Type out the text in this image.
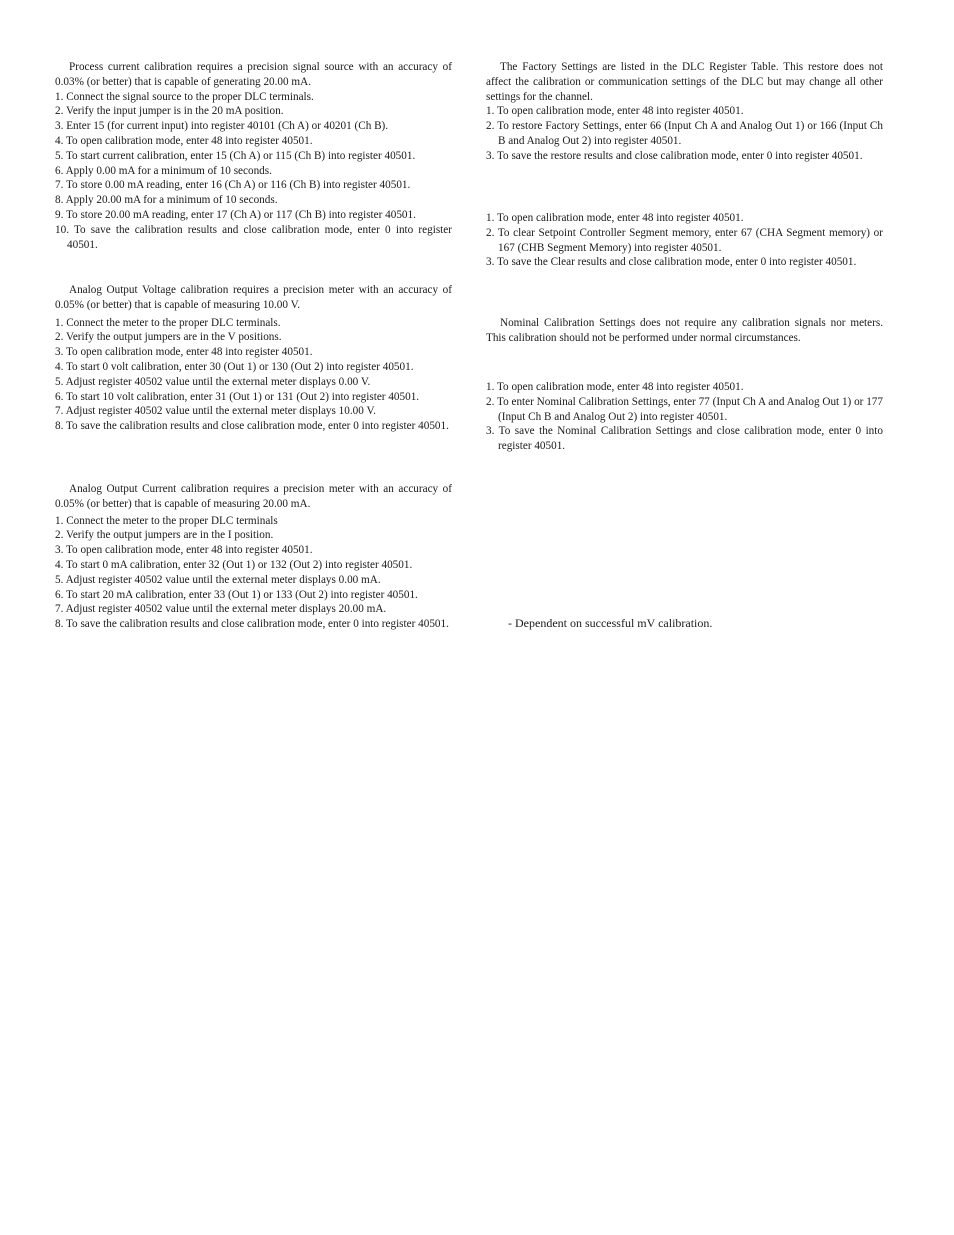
Process current calibration requires a precision signal source with an accuracy of 0.03% (or better) that is capable of generating 20.00 mA.

1. Connect the signal source to the proper DLC terminals.
2. Verify the input jumper is in the 20 mA position.
3. Enter 15 (for current input) into register 40101 (Ch A) or 40201 (Ch B).
4. To open calibration mode, enter 48 into register 40501.
5. To start current calibration, enter 15 (Ch A) or 115 (Ch B) into register 40501.
6. Apply 0.00 mA for a minimum of 10 seconds.
7. To store 0.00 mA reading, enter 16 (Ch A) or 116 (Ch B) into register 40501.
8. Apply 20.00 mA for a minimum of 10 seconds.
9. To store 20.00 mA reading, enter 17 (Ch A) or 117 (Ch B) into register 40501.
10. To save the calibration results and close calibration mode, enter 0 into register 40501.

Analog Output Voltage calibration requires a precision meter with an accuracy of 0.05% (or better) that is capable of measuring 10.00 V.

1. Connect the meter to the proper DLC terminals.
2. Verify the output jumpers are in the V positions.
3. To open calibration mode, enter 48 into register 40501.
4. To start 0 volt calibration, enter 30 (Out 1) or 130 (Out 2) into register 40501.
5. Adjust register 40502 value until the external meter displays 0.00 V.
6. To start 10 volt calibration, enter 31 (Out 1) or 131 (Out 2) into register 40501.
7. Adjust register 40502 value until the external meter displays 10.00 V.
8. To save the calibration results and close calibration mode, enter 0 into register 40501.

Analog Output Current calibration requires a precision meter with an accuracy of 0.05% (or better) that is capable of measuring 20.00 mA.

1. Connect the meter to the proper DLC terminals
2. Verify the output jumpers are in the I position.
3. To open calibration mode, enter 48 into register 40501.
4. To start 0 mA calibration, enter 32 (Out 1) or 132 (Out 2) into register 40501.
5. Adjust register 40502 value until the external meter displays 0.00 mA.
6. To start 20 mA calibration, enter 33 (Out 1) or 133 (Out 2) into register 40501.
7. Adjust register 40502 value until the external meter displays 20.00 mA.
8. To save the calibration results and close calibration mode, enter 0 into register 40501.

The Factory Settings are listed in the DLC Register Table. This restore does not affect the calibration or communication settings of the DLC but may change all other settings for the channel.

1. To open calibration mode, enter 48 into register 40501.
2. To restore Factory Settings, enter 66 (Input Ch A and Analog Out 1) or 166 (Input Ch B and Analog Out 2) into register 40501.
3. To save the restore results and close calibration mode, enter 0 into register 40501.
1. To open calibration mode, enter 48 into register 40501.
2. To clear Setpoint Controller Segment memory, enter 67 (CHA Segment memory) or 167 (CHB Segment Memory) into register 40501.
3. To save the Clear results and close calibration mode, enter 0 into register 40501.

Nominal Calibration Settings does not require any calibration signals nor meters. This calibration should not be performed under normal circumstances.

1. To open calibration mode, enter 48 into register 40501.
2. To enter Nominal Calibration Settings, enter 77 (Input Ch A and Analog Out 1) or 177 (Input Ch B and Analog Out 2) into register 40501.
3. To save the Nominal Calibration Settings and close calibration mode, enter 0 into register 40501.

- Dependent on successful mV calibration.
